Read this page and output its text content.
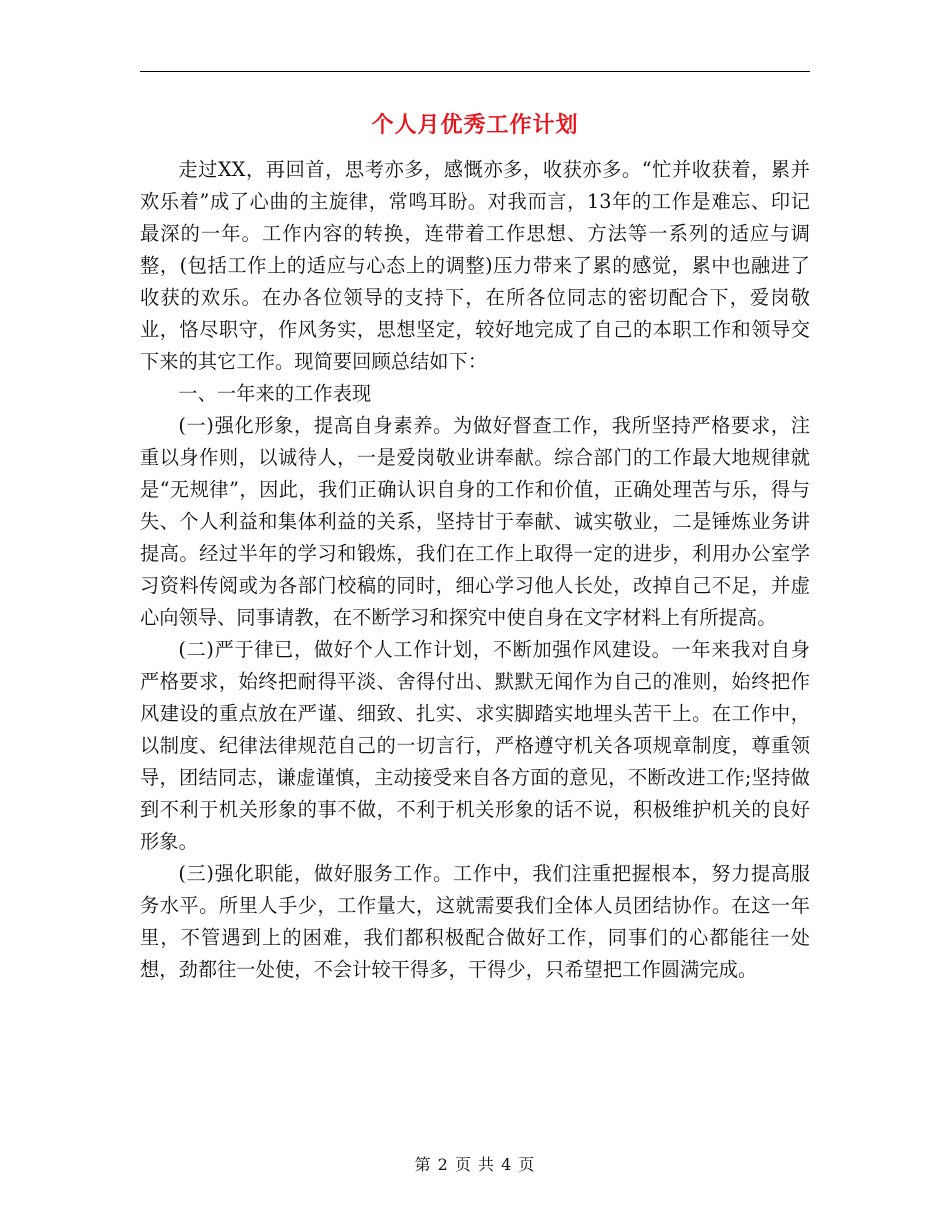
个人月优秀工作计划

走过XX，再回首，思考亦多，感慨亦多，收获亦多。“忙并收获着，累并欢乐着”成了心曲的主旋律，常鸣耳盼。对我而言，13年的工作是难忘、印记最深的一年。工作内容的转换，连带着工作思想、方法等一系列的适应与调整，(包括工作上的适应与心态上的调整)压力带来了累的感觉，累中也融进了收获的欢乐。在办各位领导的支持下，在所各位同志的密切配合下，爱岗敬业，恪尽职守，作风务实，思想坚定，较好地完成了自己的本职工作和领导交下来的其它工作。现简要回顾总结如下：

一、一年来的工作表现

(一)强化形象，提高自身素养。为做好督查工作，我所坚持严格要求，注重以身作则，以诚待人，一是爱岗敬业讲奉献。综合部门的工作最大地规律就是“无规律”，因此，我们正确认识自身的工作和价值，正确处理苦与乐，得与失、个人利益和集体利益的关系，坚持甘于奉献、诚实敬业，二是锤炼业务讲提高。经过半年的学习和锻炼，我们在工作上取得一定的进步，利用办公室学习资料传阅或为各部门校稿的同时，细心学习他人长处，改掉自己不足，并虚心向领导、同事请教，在不断学习和探究中使自身在文字材料上有所提高。

(二)严于律已，做好个人工作计划，不断加强作风建设。一年来我对自身严格要求，始终把耐得平淡、舍得付出、默默无闻作为自己的准则，始终把作风建设的重点放在严谨、细致、扎实、求实脚踏实地埋头苦干上。在工作中，以制度、纪律法律规范自己的一切言行，严格遵守机关各项规章制度，尊重领导，团结同志，谦虚谨慎，主动接受来自各方面的意见，不断改进工作;坚持做到不利于机关形象的事不做，不利于机关形象的话不说，积极维护机关的良好形象。

(三)强化职能，做好服务工作。工作中，我们注重把握根本，努力提高服务水平。所里人手少，工作量大，这就需要我们全体人员团结协作。在这一年里，不管遇到上的困难，我们都积极配合做好工作，同事们的心都能往一处想，劲都往一处使，不会计较干得多，干得少，只希望把工作圆满完成。

第 2 页 共 4 页
